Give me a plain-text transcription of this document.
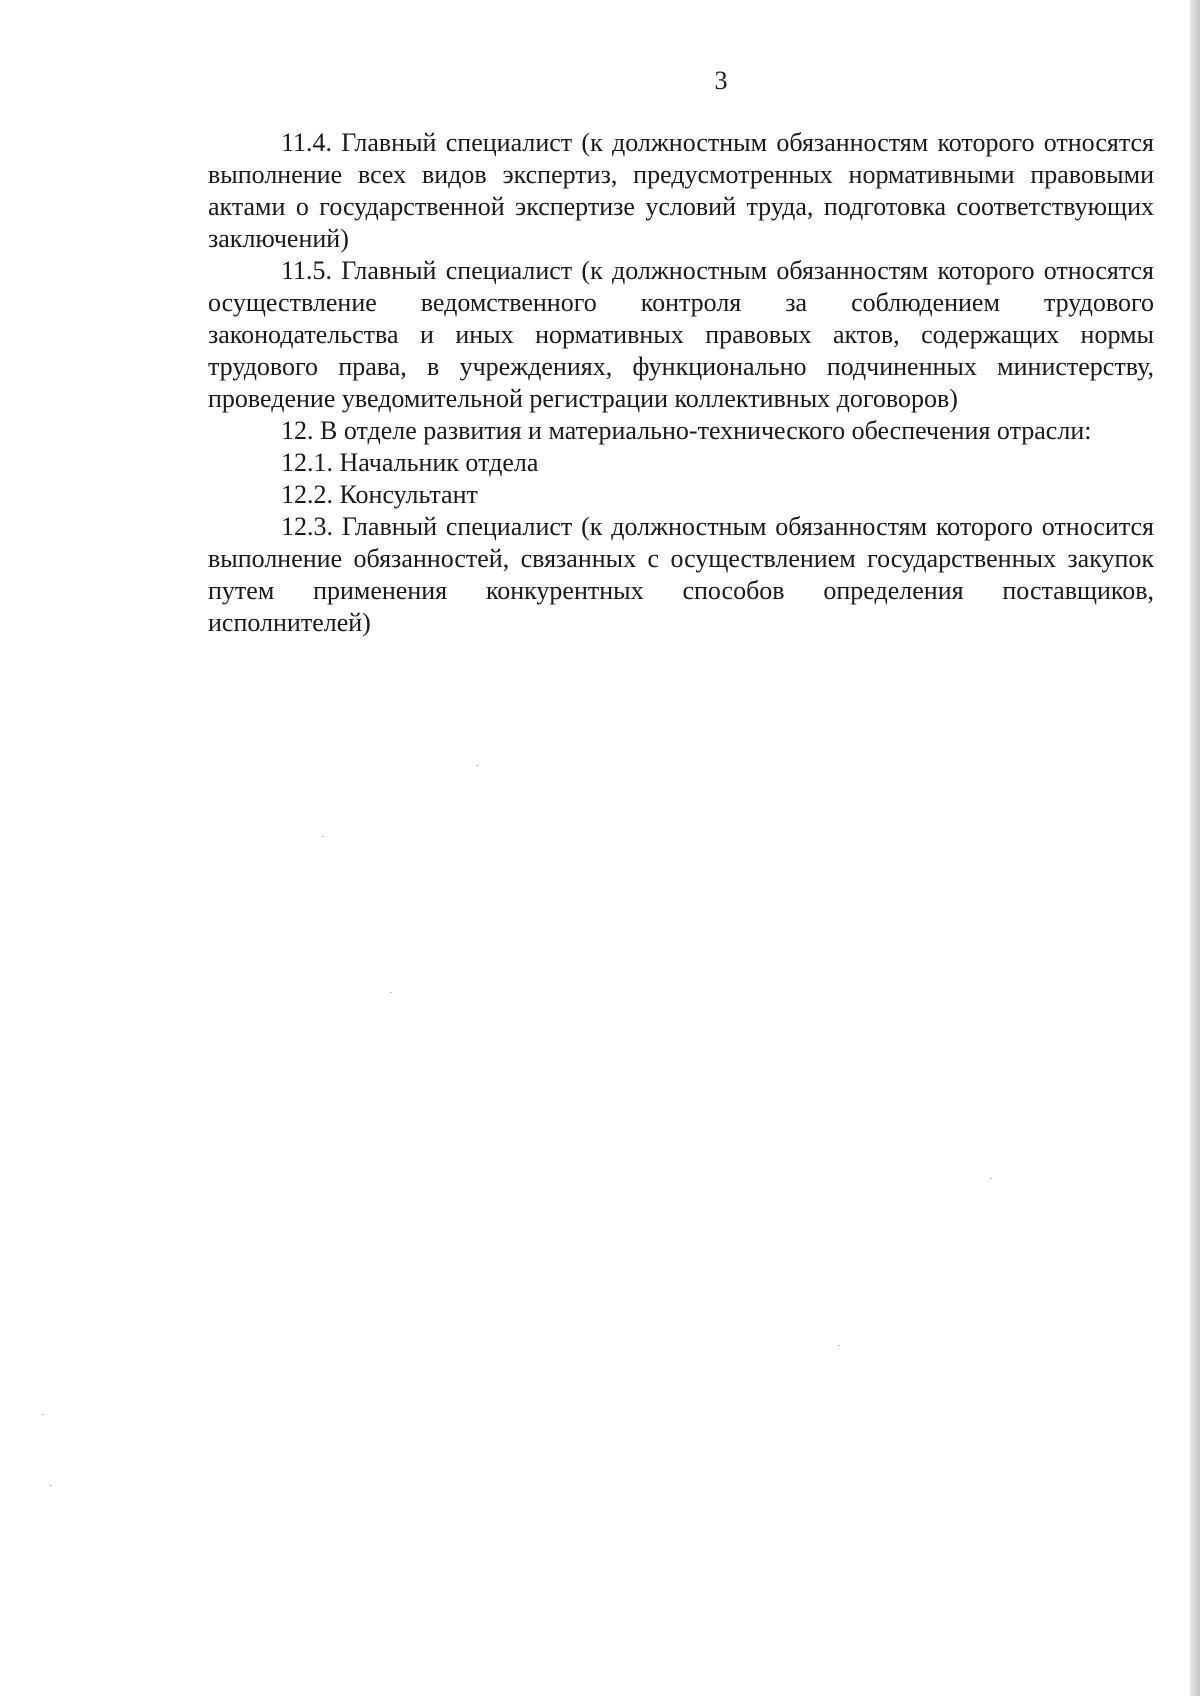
3

11.4. Главный специалист (к должностным обязанностям которого относятся выполнение всех видов экспертиз, предусмотренных нормативными правовыми актами о государственной экспертизе условий труда, подготовка соответствующих заключений)

11.5. Главный специалист (к должностным обязанностям которого относятся осуществление ведомственного контроля за соблюдением трудового законодательства и иных нормативных правовых актов, содержащих нормы трудового права, в учреждениях, функционально подчиненных министерству, проведение уведомительной регистрации коллективных договоров)

12. В отделе развития и материально-технического обеспечения отрасли:

12.1. Начальник отдела

12.2. Консультант

12.3. Главный специалист (к должностным обязанностям которого относится выполнение обязанностей, связанных с осуществлением государственных закупок путем применения конкурентных способов определения поставщиков, исполнителей)
